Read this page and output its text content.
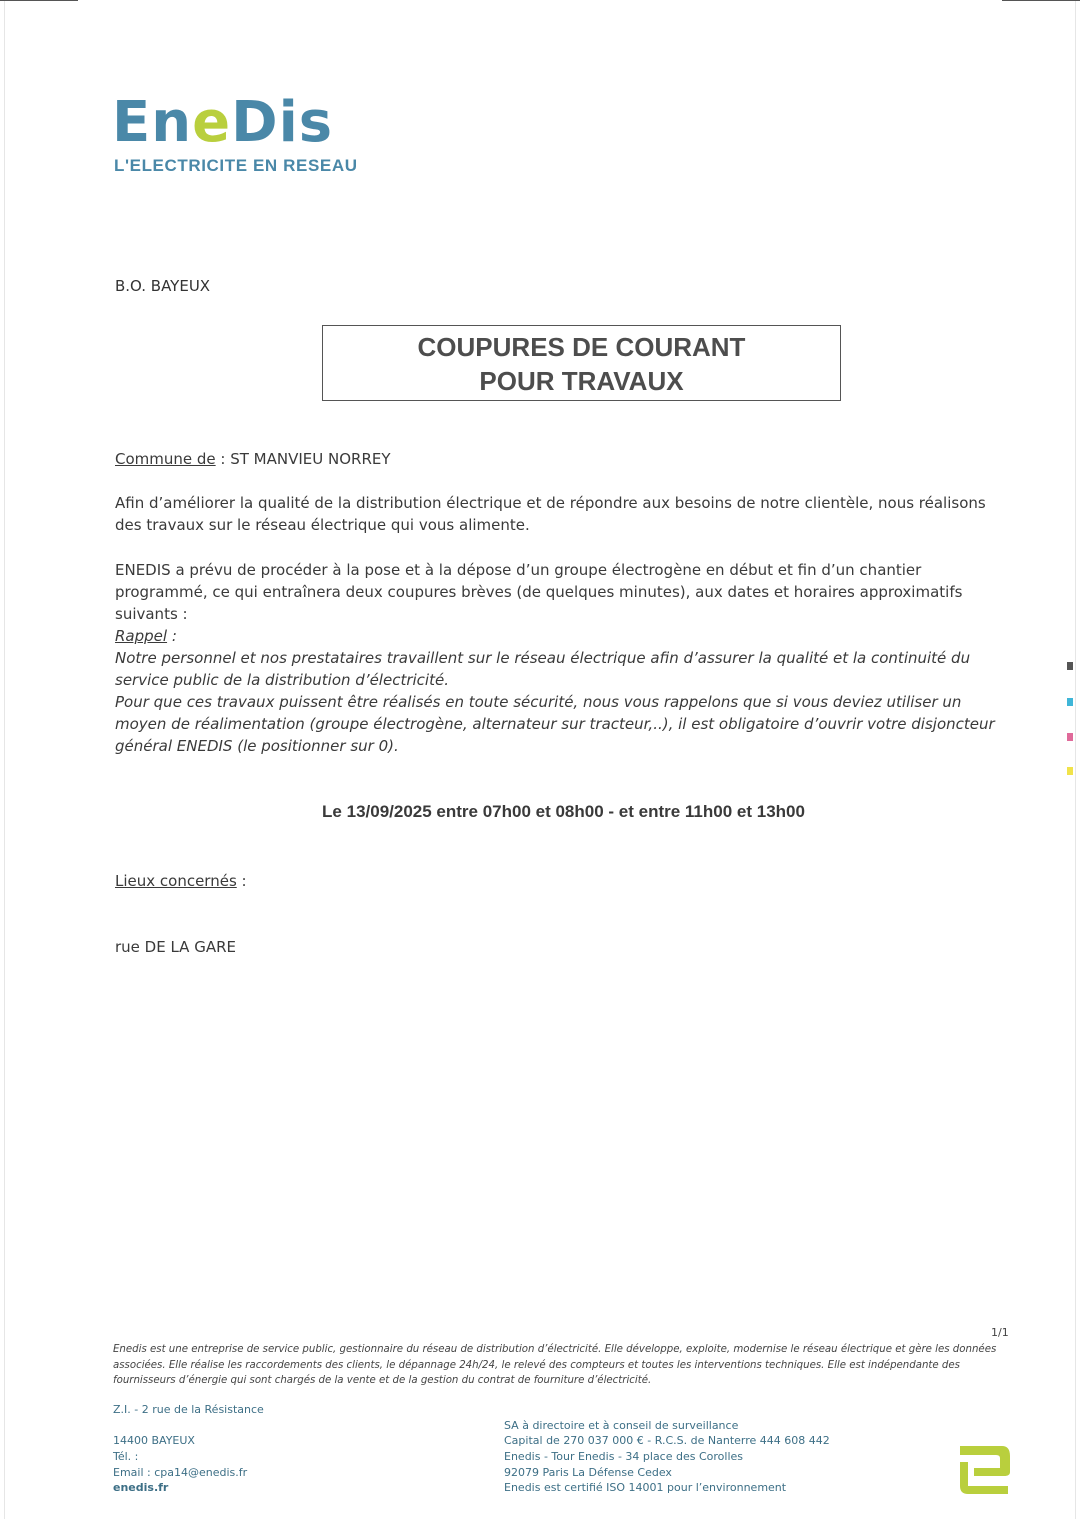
EneDis
L'ELECTRICITE EN RESEAU
B.O. BAYEUX
COUPURES DE COURANT
POUR TRAVAUX
Commune de : ST MANVIEU NORREY
Afin d’améliorer la qualité de la distribution électrique et de répondre aux besoins de notre clientèle, nous réalisons des travaux sur le réseau électrique qui vous alimente.
ENEDIS a prévu de procéder à la pose et à la dépose d’un groupe électrogène en début et fin d’un chantier programmé, ce qui entraînera deux coupures brèves (de quelques minutes), aux dates et horaires approximatifs suivants :
Rappel :
Notre personnel et nos prestataires travaillent sur le réseau électrique afin d’assurer la qualité et la continuité du service public de la distribution d’électricité.
Pour que ces travaux puissent être réalisés en toute sécurité, nous vous rappelons que si vous deviez utiliser un moyen de réalimentation (groupe électrogène, alternateur sur tracteur,..), il est obligatoire d’ouvrir votre disjoncteur
général ENEDIS (le positionner sur 0).
Le 13/09/2025 entre 07h00 et 08h00 - et entre 11h00 et 13h00
Lieux concernés :
rue DE LA GARE
1/1
Enedis est une entreprise de service public, gestionnaire du réseau de distribution d’électricité. Elle développe, exploite, modernise le réseau électrique et gère les données associées. Elle réalise les raccordements des clients, le dépannage 24h/24, le relevé des compteurs et toutes les interventions techniques. Elle est indépendante des fournisseurs d’énergie qui sont chargés de la vente et de la gestion du contrat de fourniture d’électricité.
Z.I. - 2 rue de la Résistance
14400 BAYEUX
Tél. :
Email : cpa14@enedis.fr
enedis.fr
SA à directoire et à conseil de surveillance
Capital de 270 037 000 € - R.C.S. de Nanterre 444 608 442
Enedis - Tour Enedis - 34 place des Corolles
92079 Paris La Défense Cedex
Enedis est certifié ISO 14001 pour l’environnement
